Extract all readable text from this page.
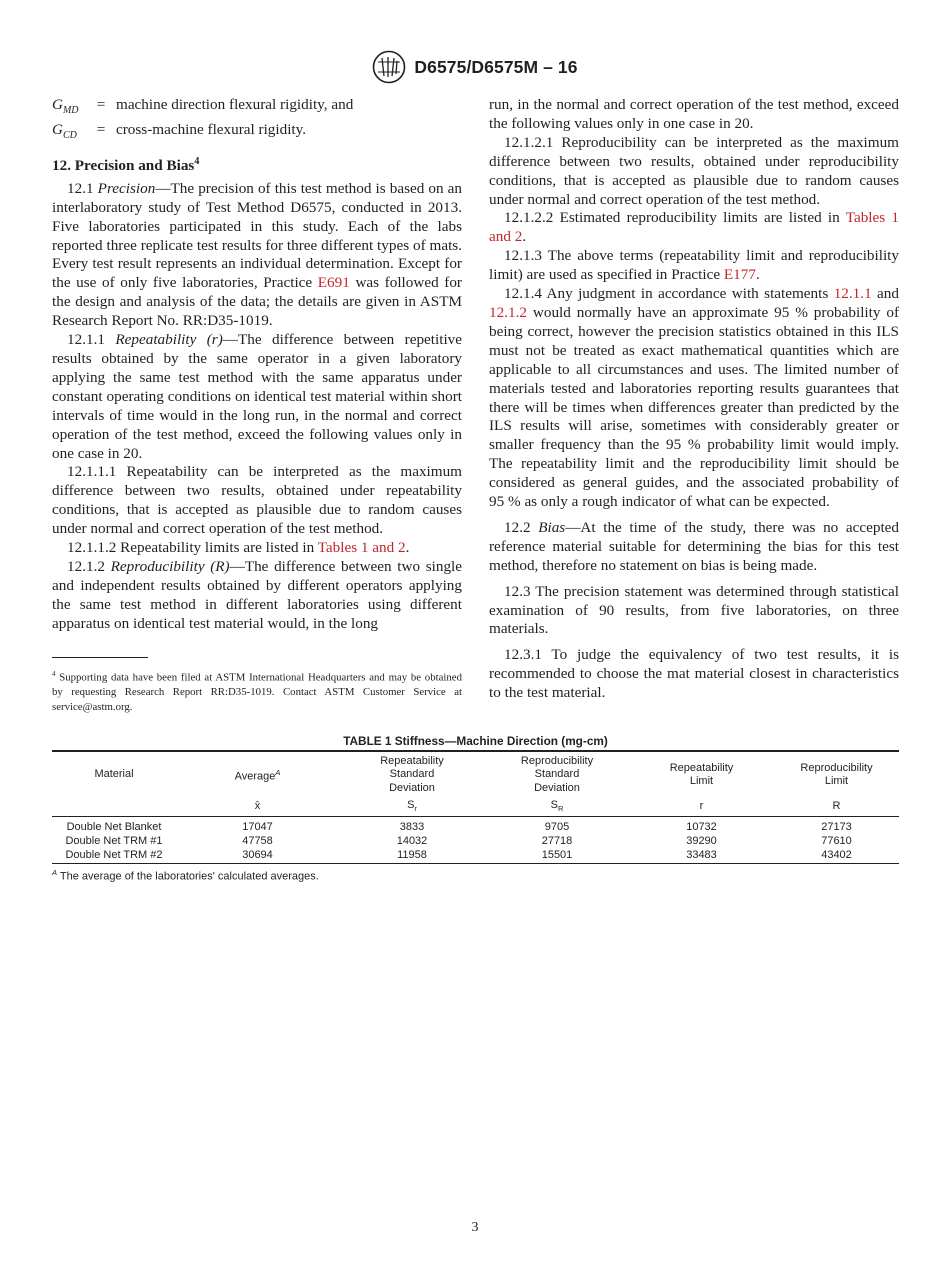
D6575/D6575M – 16
$G_{MD}$	= machine direction flexural rigidity, and
$G_{CD}$	= cross-machine flexural rigidity.
12. Precision and Bias$^4$

12.1 Precision—The precision of this test method is based on an interlaboratory study of Test Method D6575, conducted in 2013. Five laboratories participated in this study. Each of the labs reported three replicate test results for three different types of mats. Every test result represents an individual determination. Except for the use of only five laboratories, Practice E691 was followed for the design and analysis of the data; the details are given in ASTM Research Report No. RR:D35-1019.

12.1.1 Repeatability (r)—The difference between repetitive results obtained by the same operator in a given laboratory applying the same test method with the same apparatus under constant operating conditions on identical test material within short intervals of time would in the long run, in the normal and correct operation of the test method, exceed the following values only in one case in 20.

12.1.1.1 Repeatability can be interpreted as the maximum difference between two results, obtained under repeatability conditions, that is accepted as plausible due to random causes under normal and correct operation of the test method.

12.1.1.2 Repeatability limits are listed in Tables 1 and 2.

12.1.2 Reproducibility (R)—The difference between two single and independent results obtained by different operators applying the same test method in different laboratories using different apparatus on identical test material would, in the long

$^4$ Supporting data have been filed at ASTM International Headquarters and may be obtained by requesting Research Report RR:D35-1019. Contact ASTM Customer Service at service@astm.org.

run, in the normal and correct operation of the test method, exceed the following values only in one case in 20.

12.1.2.1 Reproducibility can be interpreted as the maximum difference between two results, obtained under reproducibility conditions, that is accepted as plausible due to random causes under normal and correct operation of the test method.

12.1.2.2 Estimated reproducibility limits are listed in Tables 1 and 2.

12.1.3 The above terms (repeatability limit and reproducibility limit) are used as specified in Practice E177.

12.1.4 Any judgment in accordance with statements 12.1.1 and 12.1.2 would normally have an approximate 95 % probability of being correct, however the precision statistics obtained in this ILS must not be treated as exact mathematical quantities which are applicable to all circumstances and uses. The limited number of materials tested and laboratories reporting results guarantees that there will be times when differences greater than predicted by the ILS results will arise, sometimes with considerably greater or smaller frequency than the 95 % probability limit would imply. The repeatability limit and the reproducibility limit should be considered as general guides, and the associated probability of 95 % as only a rough indicator of what can be expected.

12.2 Bias—At the time of the study, there was no accepted reference material suitable for determining the bias for this test method, therefore no statement on bias is being made.

12.3 The precision statement was determined through statistical examination of 90 results, from five laboratories, on three materials.

12.3.1 To judge the equivalency of two test results, it is recommended to choose the mat material closest in characteristics to the test material.

TABLE 1 Stiffness—Machine Direction (mg-cm)
Material	Average$^A$	Repeatability
Standard
Deviation	Reproducibility
Standard
Deviation	Repeatability
Limit	Reproducibility
Limit
	x̄	$S_r$	$S_R$	r	R
Double Net Blanket	17047	3833	9705	10732	27173
Double Net TRM #1	47758	14032	27718	39290	77610
Double Net TRM #2	30694	11958	15501	33483	43402
$^A$ The average of the laboratories' calculated averages.
3
